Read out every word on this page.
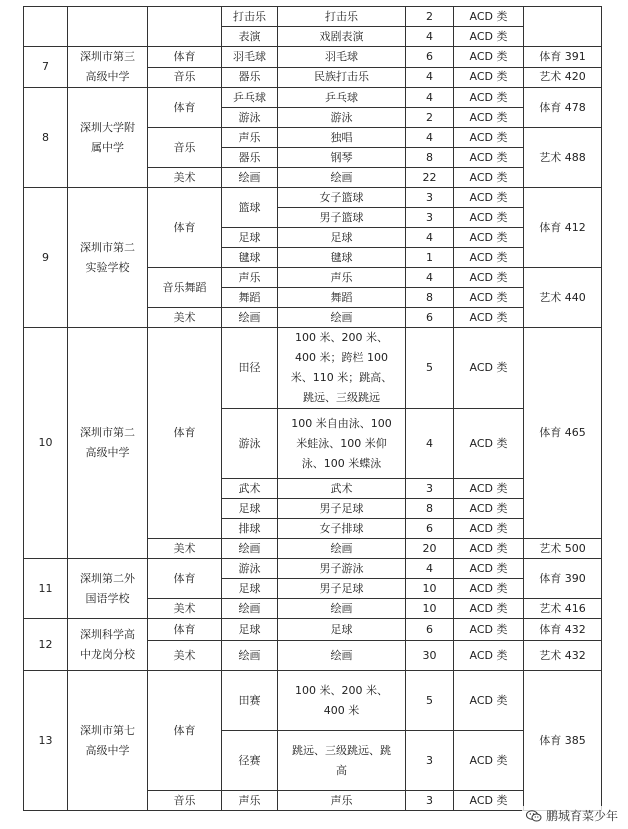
			打击乐	打击乐	2	ACD 类	
			表演	戏剧表演	4	ACD 类	
7	深圳市第三高级中学	体育	羽毛球	羽毛球	6	ACD 类	体育 391
		音乐	器乐	民族打击乐	4	ACD 类	艺术 420
8	深圳大学附属中学	体育	乒乓球	乒乓球	4	ACD 类	体育 478
			游泳	游泳	2	ACD 类	
		音乐	声乐	独唱	4	ACD 类	艺术 488
			器乐	钢琴	8	ACD 类	
		美术	绘画	绘画	22	ACD 类	
9	深圳市第二实验学校	体育	篮球	女子篮球	3	ACD 类	体育 412
				男子篮球	3	ACD 类	
			足球	足球	4	ACD 类	
			毽球	毽球	1	ACD 类	
		音乐舞蹈	声乐	声乐	4	ACD 类	艺术 440
			舞蹈	舞蹈	8	ACD 类	
		美术	绘画	绘画	6	ACD 类	
10	深圳市第二高级中学	体育	田径	100 米、200 米、400 米；跨栏 100 米、110 米；跳高、跳远、三级跳远	5	ACD 类	体育 465
			游泳	100 米自由泳、100 米蛙泳、100 米仰泳、100 米蝶泳	4	ACD 类	
			武术	武术	3	ACD 类	
			足球	男子足球	8	ACD 类	
			排球	女子排球	6	ACD 类	
		美术	绘画	绘画	20	ACD 类	艺术 500
11	深圳第二外国语学校	体育	游泳	男子游泳	4	ACD 类	体育 390
			足球	男子足球	10	ACD 类	
		美术	绘画	绘画	10	ACD 类	艺术 416
12	深圳科学高中龙岗分校	体育	足球	足球	6	ACD 类	体育 432
		美术	绘画	绘画	30	ACD 类	艺术 432
13	深圳市第七高级中学	体育	田赛	100 米、200 米、400 米	5	ACD 类	体育 385
			径赛	跳远、三级跳远、跳高	3	ACD 类	
		音乐	声乐	声乐	3	ACD 类	
鹏城育菜少年
